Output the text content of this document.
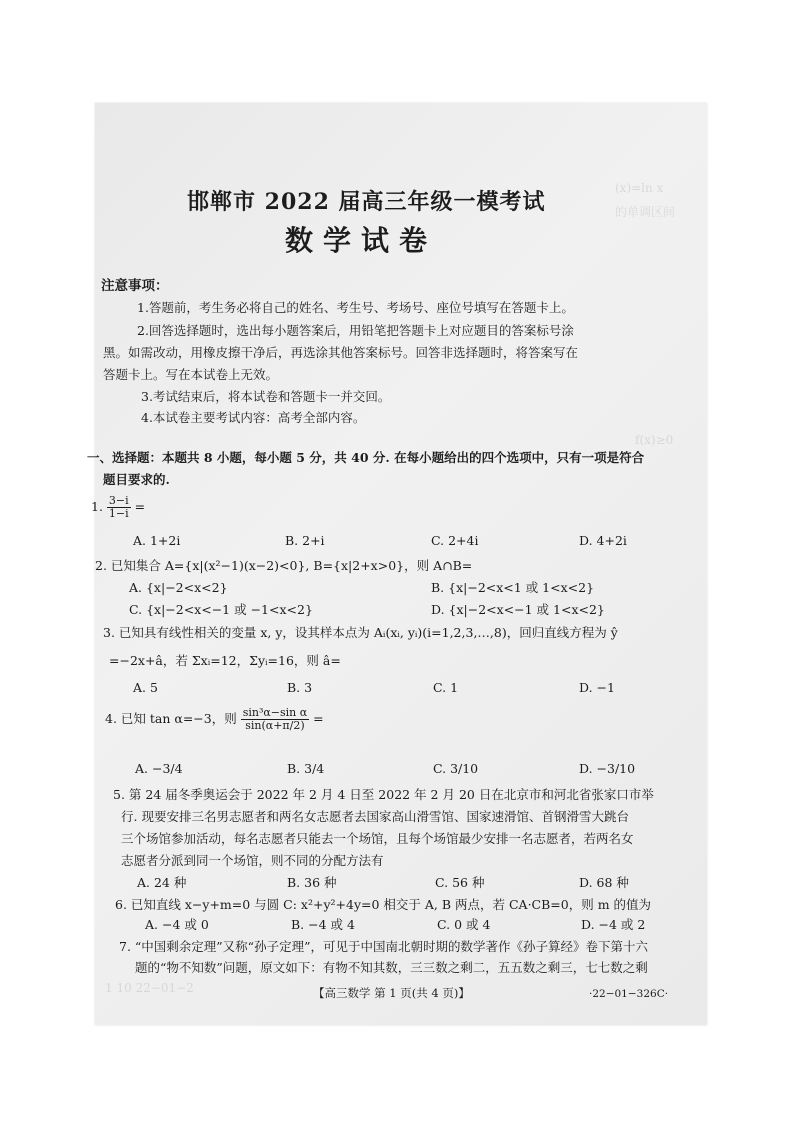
(x)=ln x
的单调区间
f(x)≥0
邯郸市 2022 届高三年级一模考试
数学试卷
注意事项：
1.答题前，考生务必将自己的姓名、考生号、考场号、座位号填写在答题卡上。
2.回答选择题时，选出每小题答案后，用铅笔把答题卡上对应题目的答案标号涂
黑。如需改动，用橡皮擦干净后，再选涂其他答案标号。回答非选择题时，将答案写在
答题卡上。写在本试卷上无效。
3.考试结束后，将本试卷和答题卡一并交回。
4.本试卷主要考试内容：高考全部内容。
一、选择题：本题共 8 小题，每小题 5 分，共 40 分. 在每小题给出的四个选项中，只有一项是符合
题目要求的.
1. $\frac{3-i}{1-i}$ =
A. 1+2i	B. 2+i	C. 2+4i	D. 4+2i
2. 已知集合 A={x|(x²−1)(x−2)<0}, B={x|2+x>0}，则 A∩B=
A. {x|−2<x<2}	B. {x|−2<x<1 或 1<x<2}
C. {x|−2<x<−1 或 −1<x<2}	D. {x|−2<x<−1 或 1<x<2}
3. 已知具有线性相关的变量 x, y，设其样本点为 Aᵢ(xᵢ, yᵢ)(i=1,2,3,…,8)，回归直线方程为 ŷ
=−2x+â，若 Σxᵢ=12，Σyᵢ=16，则 â=
A. 5	B. 3	C. 1	D. −1
4. 已知 tan α=−3，则 $\frac{\text{sin³α−sin α}}{\sin(\alpha+\pi/2)}$ =
A. −3/4	B. 3/4	C. 3/10	D. −3/10
5. 第 24 届冬季奥运会于 2022 年 2 月 4 日至 2022 年 2 月 20 日在北京市和河北省张家口市举
行. 现要安排三名男志愿者和两名女志愿者去国家高山滑雪馆、国家速滑馆、首钢滑雪大跳台
三个场馆参加活动，每名志愿者只能去一个场馆，且每个场馆最少安排一名志愿者，若两名女
志愿者分派到同一个场馆，则不同的分配方法有
A. 24 种	B. 36 种	C. 56 种	D. 68 种
6. 已知直线 x−y+m=0 与圆 C: x²+y²+4y=0 相交于 A, B 两点，若 CA·CB=0，则 m 的值为
A. −4 或 0	B. −4 或 4	C. 0 或 4	D. −4 或 2
7. “中国剩余定理”又称“孙子定理”，可见于中国南北朝时期的数学著作《孙子算经》卷下第十六
题的“物不知数”问题，原文如下：有物不知其数，三三数之剩二，五五数之剩三，七七数之剩
1 10 22−01−2	【高三数学 第 1 页(共 4 页)】	·22−01−326C·
